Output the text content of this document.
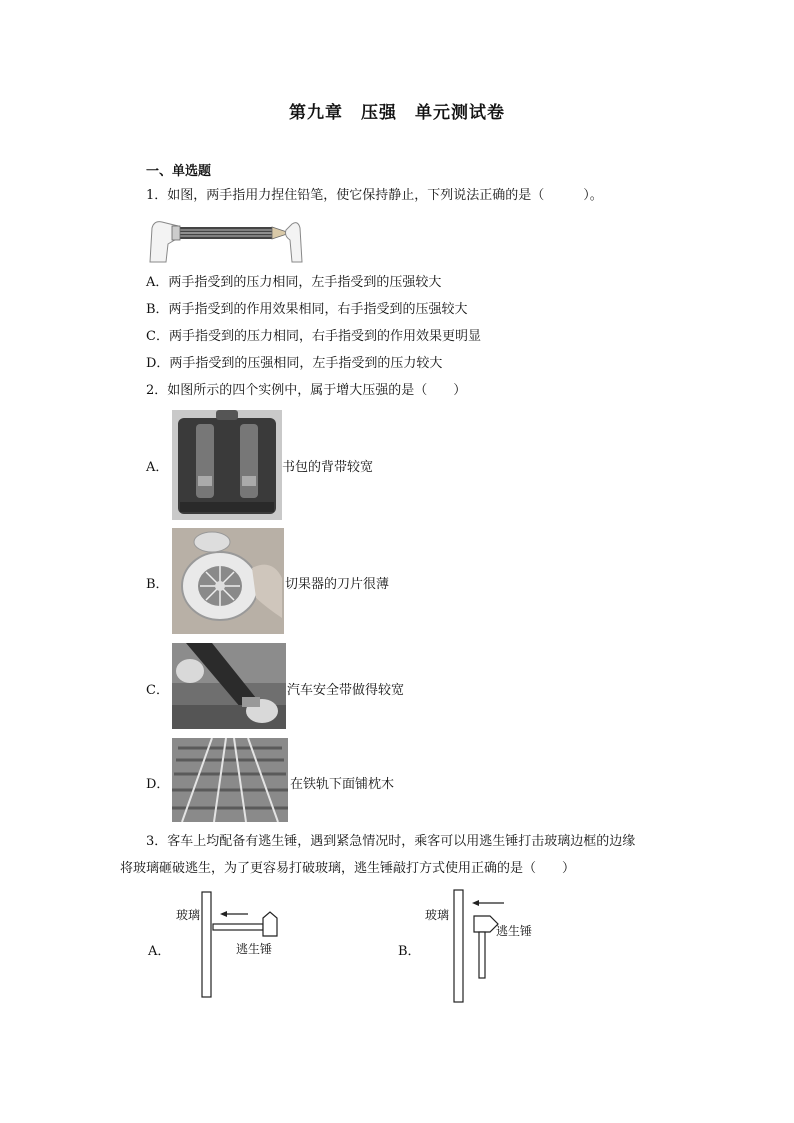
第九章　压强　单元测试卷
一、单选题
1．如图，两手指用力捏住铅笔，使它保持静止，下列说法正确的是（　　　）。
A．两手指受到的压力相同，左手指受到的压强较大
B．两手指受到的作用效果相同，右手指受到的压强较大
C．两手指受到的压力相同，右手指受到的作用效果更明显
D．两手指受到的压强相同，左手指受到的压力较大
2．如图所示的四个实例中，属于增大压强的是（　　）
A．	书包的背带较宽
B．	切果器的刀片很薄
C．	汽车安全带做得较宽
D．	在铁轨下面铺枕木
3．客车上均配备有逃生锤，遇到紧急情况时，乘客可以用逃生锤打击玻璃边框的边缘
将玻璃砸破逃生，为了更容易打破玻璃，逃生锤敲打方式使用正确的是（　　）
A．
玻璃
逃生锤	B．
玻璃
逃生锤
